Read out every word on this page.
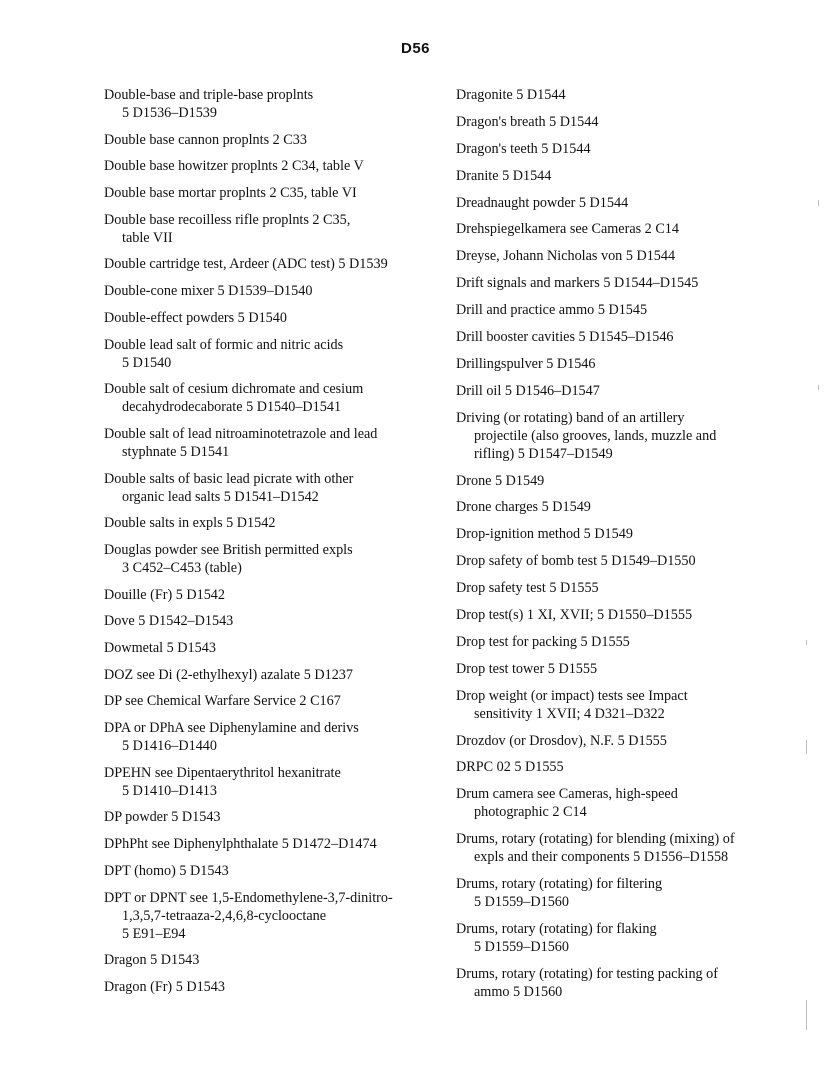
D56
Double-base and triple-base proplnts
5 D1536–D1539
Double base cannon proplnts 2 C33
Double base howitzer proplnts 2 C34, table V
Double base mortar proplnts 2 C35, table VI
Double base recoilless rifle proplnts 2 C35,
table VII
Double cartridge test, Ardeer (ADC test) 5 D1539
Double-cone mixer 5 D1539–D1540
Double-effect powders 5 D1540
Double lead salt of formic and nitric acids
5 D1540
Double salt of cesium dichromate and cesium
decahydrodecaborate 5 D1540–D1541
Double salt of lead nitroaminotetrazole and lead
styphnate 5 D1541
Double salts of basic lead picrate with other
organic lead salts 5 D1541–D1542
Double salts in expls 5 D1542
Douglas powder see British permitted expls
3 C452–C453 (table)
Douille (Fr) 5 D1542
Dove 5 D1542–D1543
Dowmetal 5 D1543
DOZ see Di (2-ethylhexyl) azalate 5 D1237
DP see Chemical Warfare Service 2 C167
DPA or DPhA see Diphenylamine and derivs
5 D1416–D1440
DPEHN see Dipentaerythritol hexanitrate
5 D1410–D1413
DP powder 5 D1543
DPhPht see Diphenylphthalate 5 D1472–D1474
DPT (homo) 5 D1543
DPT or DPNT see 1,5-Endomethylene-3,7-dinitro-
1,3,5,7-tetraaza-2,4,6,8-cyclooctane
5 E91–E94
Dragon 5 D1543
Dragon (Fr) 5 D1543
Dragonite 5 D1544
Dragon's breath 5 D1544
Dragon's teeth 5 D1544
Dranite 5 D1544
Dreadnaught powder 5 D1544
Drehspiegelkamera see Cameras 2 C14
Dreyse, Johann Nicholas von 5 D1544
Drift signals and markers 5 D1544–D1545
Drill and practice ammo 5 D1545
Drill booster cavities 5 D1545–D1546
Drillingspulver 5 D1546
Drill oil 5 D1546–D1547
Driving (or rotating) band of an artillery
projectile (also grooves, lands, muzzle and
rifling) 5 D1547–D1549
Drone 5 D1549
Drone charges 5 D1549
Drop-ignition method 5 D1549
Drop safety of bomb test 5 D1549–D1550
Drop safety test 5 D1555
Drop test(s) 1 XI, XVII; 5 D1550–D1555
Drop test for packing 5 D1555
Drop test tower 5 D1555
Drop weight (or impact) tests see Impact
sensitivity 1 XVII; 4 D321–D322
Drozdov (or Drosdov), N.F. 5 D1555
DRPC 02 5 D1555
Drum camera see Cameras, high-speed
photographic 2 C14
Drums, rotary (rotating) for blending (mixing) of
expls and their components 5 D1556–D1558
Drums, rotary (rotating) for filtering
5 D1559–D1560
Drums, rotary (rotating) for flaking
5 D1559–D1560
Drums, rotary (rotating) for testing packing of
ammo 5 D1560
